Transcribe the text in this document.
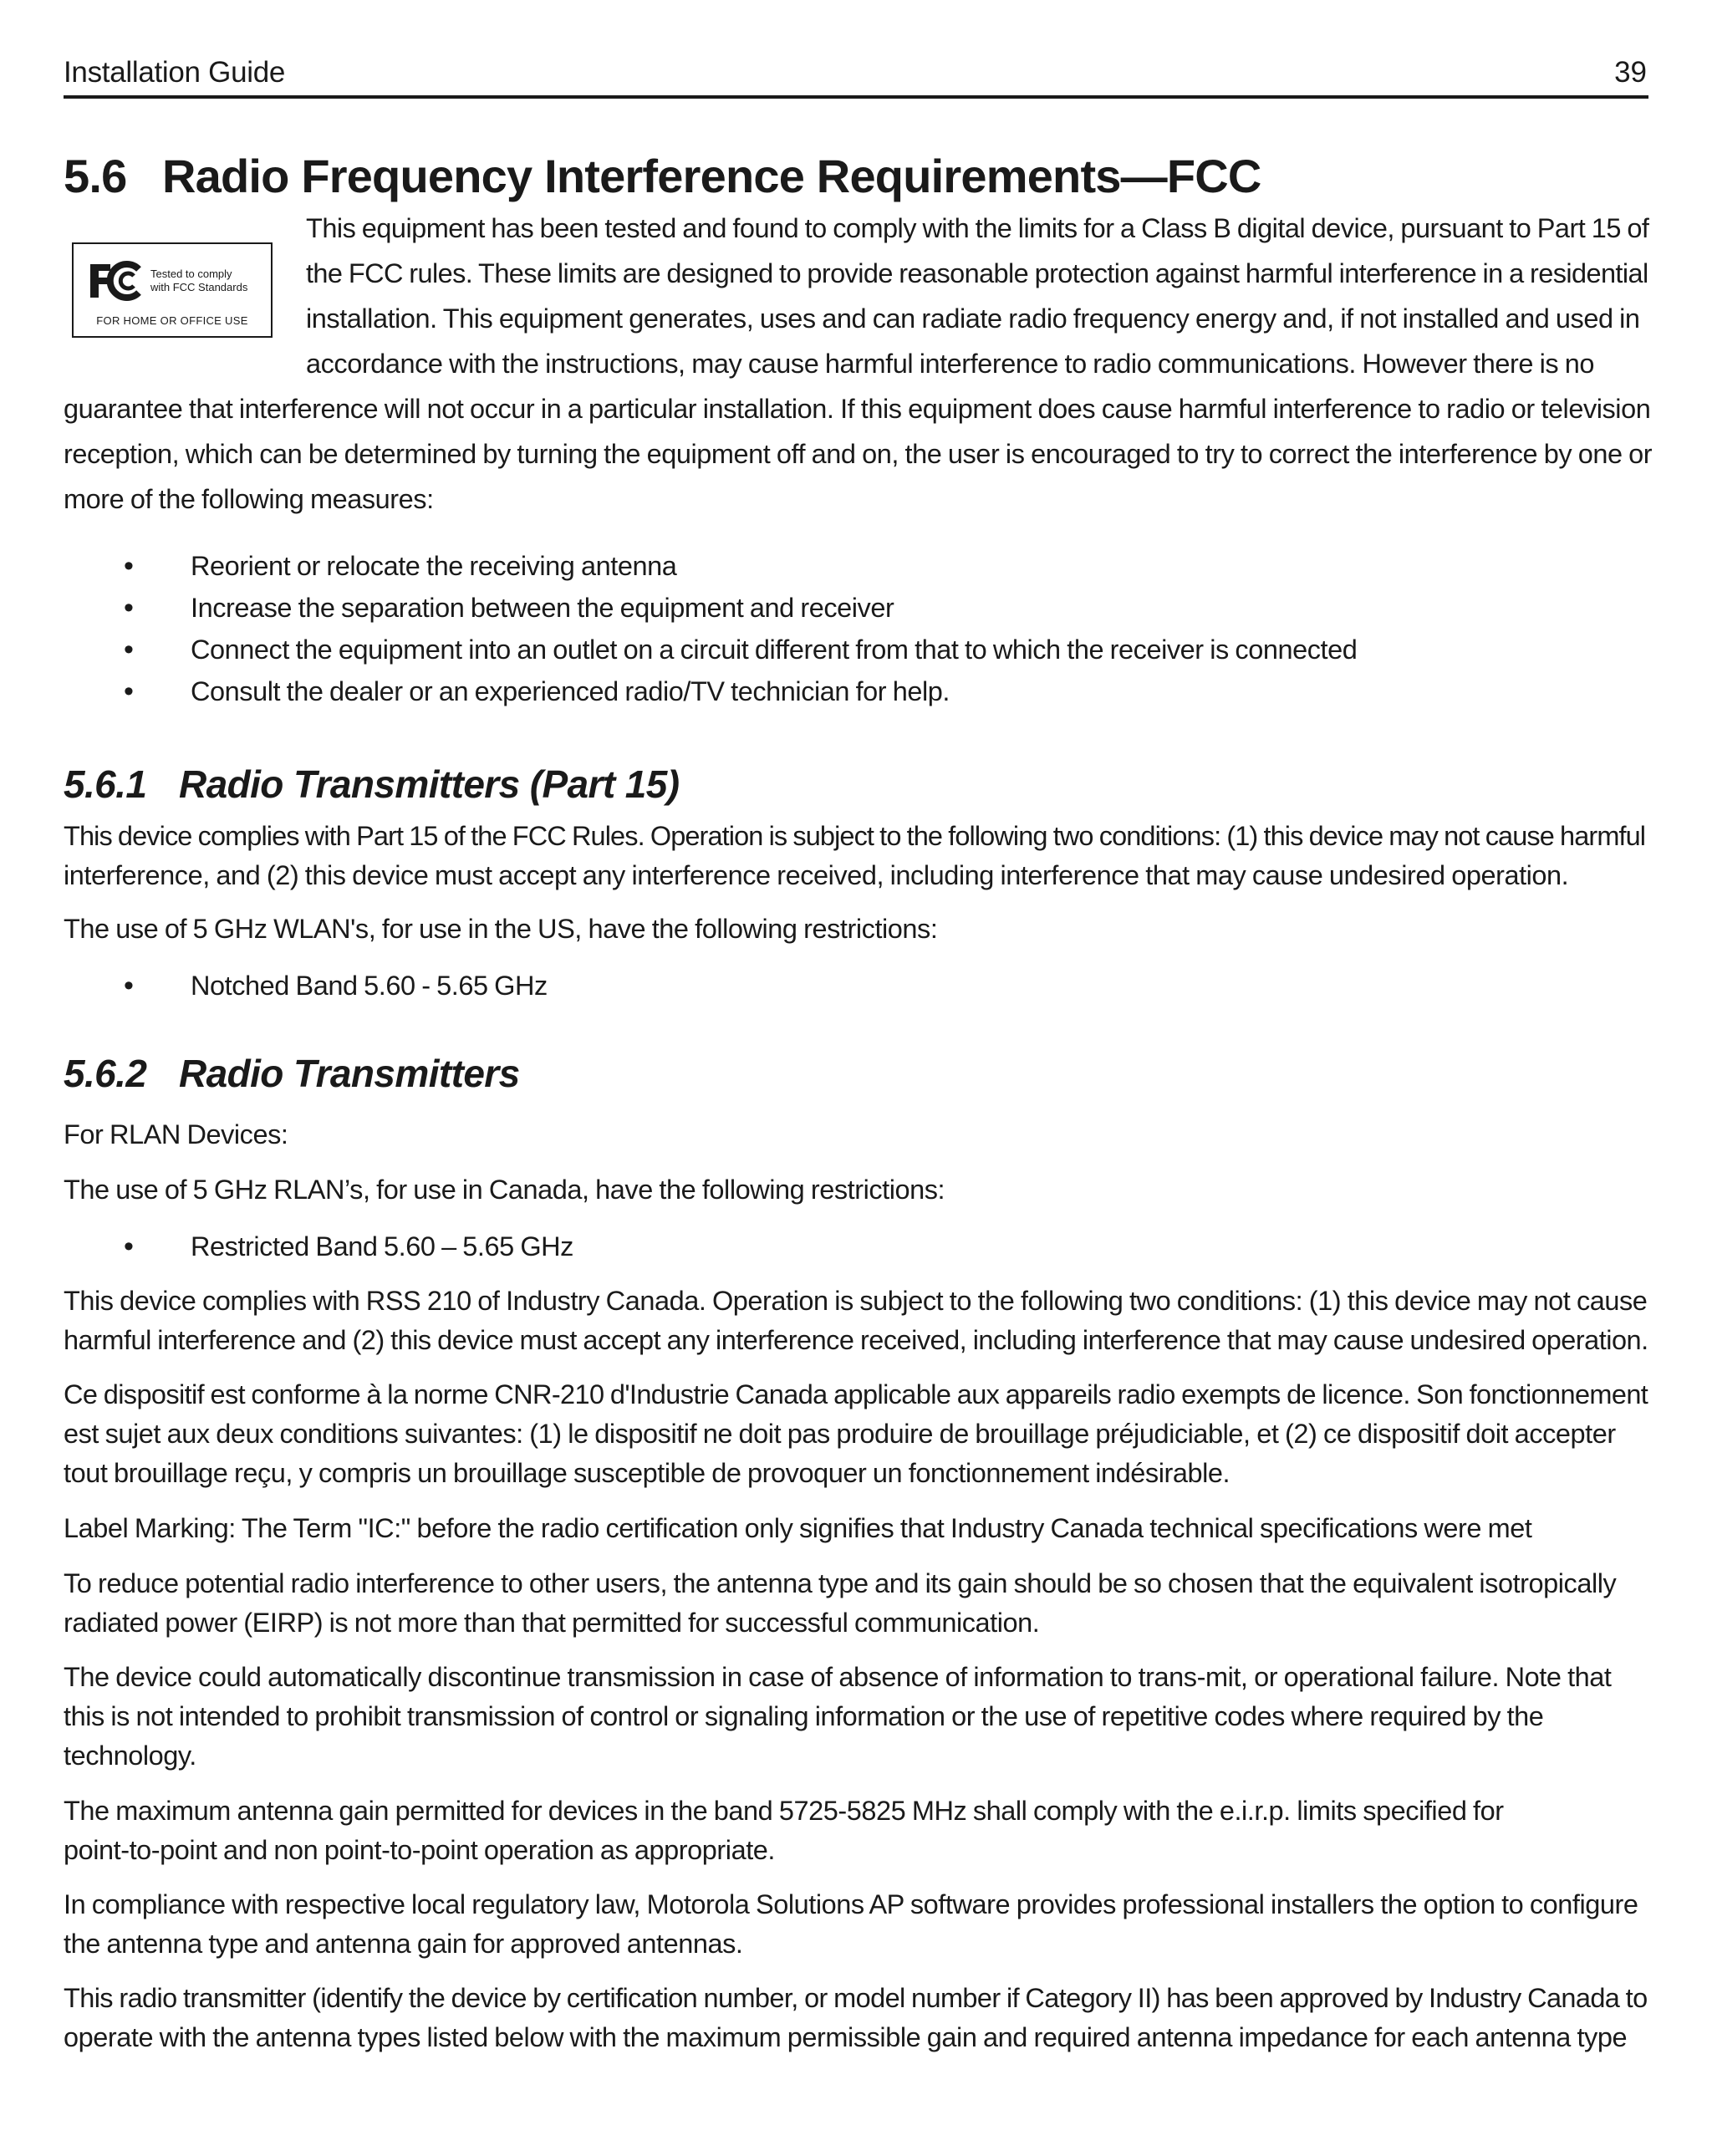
Installation Guide	39
5.6 Radio Frequency Interference Requirements—FCC
Tested to comply
with FCC Standards
FOR HOME OR OFFICE USE
This equipment has been tested and found to comply with the limits for a Class B digital device, pursuant to Part 15 of
the FCC rules. These limits are designed to provide reasonable protection against harmful interference in a residential
installation. This equipment generates, uses and can radiate radio frequency energy and, if not installed and used in
accordance with the instructions, may cause harmful interference to radio communications. However there is no
guarantee that interference will not occur in a particular installation. If this equipment does cause harmful interference to radio or television
reception, which can be determined by turning the equipment off and on, the user is encouraged to try to correct the interference by one or
more of the following measures:
• Reorient or relocate the receiving antenna
• Increase the separation between the equipment and receiver
• Connect the equipment into an outlet on a circuit different from that to which the receiver is connected
• Consult the dealer or an experienced radio/TV technician for help.
5.6.1 Radio Transmitters (Part 15)
This device complies with Part 15 of the FCC Rules. Operation is subject to the following two conditions: (1) this device may not cause harmful
interference, and (2) this device must accept any interference received, including interference that may cause undesired operation.

The use of 5 GHz WLAN's, for use in the US, have the following restrictions:

• Notched Band 5.60 - 5.65 GHz
5.6.2 Radio Transmitters

For RLAN Devices:

The use of 5 GHz RLAN’s, for use in Canada, have the following restrictions:

• Restricted Band 5.60 – 5.65 GHz
This device complies with RSS 210 of Industry Canada. Operation is subject to the following two conditions: (1) this device may not cause
harmful interference and (2) this device must accept any interference received, including interference that may cause undesired operation.
Ce dispositif est conforme à la norme CNR-210 d'Industrie Canada applicable aux appareils radio exempts de licence. Son fonctionnement
est sujet aux deux conditions suivantes: (1) le dispositif ne doit pas produire de brouillage préjudiciable, et (2) ce dispositif doit accepter
tout brouillage reçu, y compris un brouillage susceptible de provoquer un fonctionnement indésirable.

Label Marking: The Term "IC:" before the radio certification only signifies that Industry Canada technical specifications were met

To reduce potential radio interference to other users, the antenna type and its gain should be so chosen that the equivalent isotropically
radiated power (EIRP) is not more than that permitted for successful communication.
The device could automatically discontinue transmission in case of absence of information to trans-mit, or operational failure. Note that
this is not intended to prohibit transmission of control or signaling information or the use of repetitive codes where required by the
technology.
The maximum antenna gain permitted for devices in the band 5725-5825 MHz shall comply with the e.i.r.p. limits specified for
point-to-point and non point-to-point operation as appropriate.
In compliance with respective local regulatory law, Motorola Solutions AP software provides professional installers the option to configure
the antenna type and antenna gain for approved antennas.
This radio transmitter (identify the device by certification number, or model number if Category II) has been approved by Industry Canada to
operate with the antenna types listed below with the maximum permissible gain and required antenna impedance for each antenna type
